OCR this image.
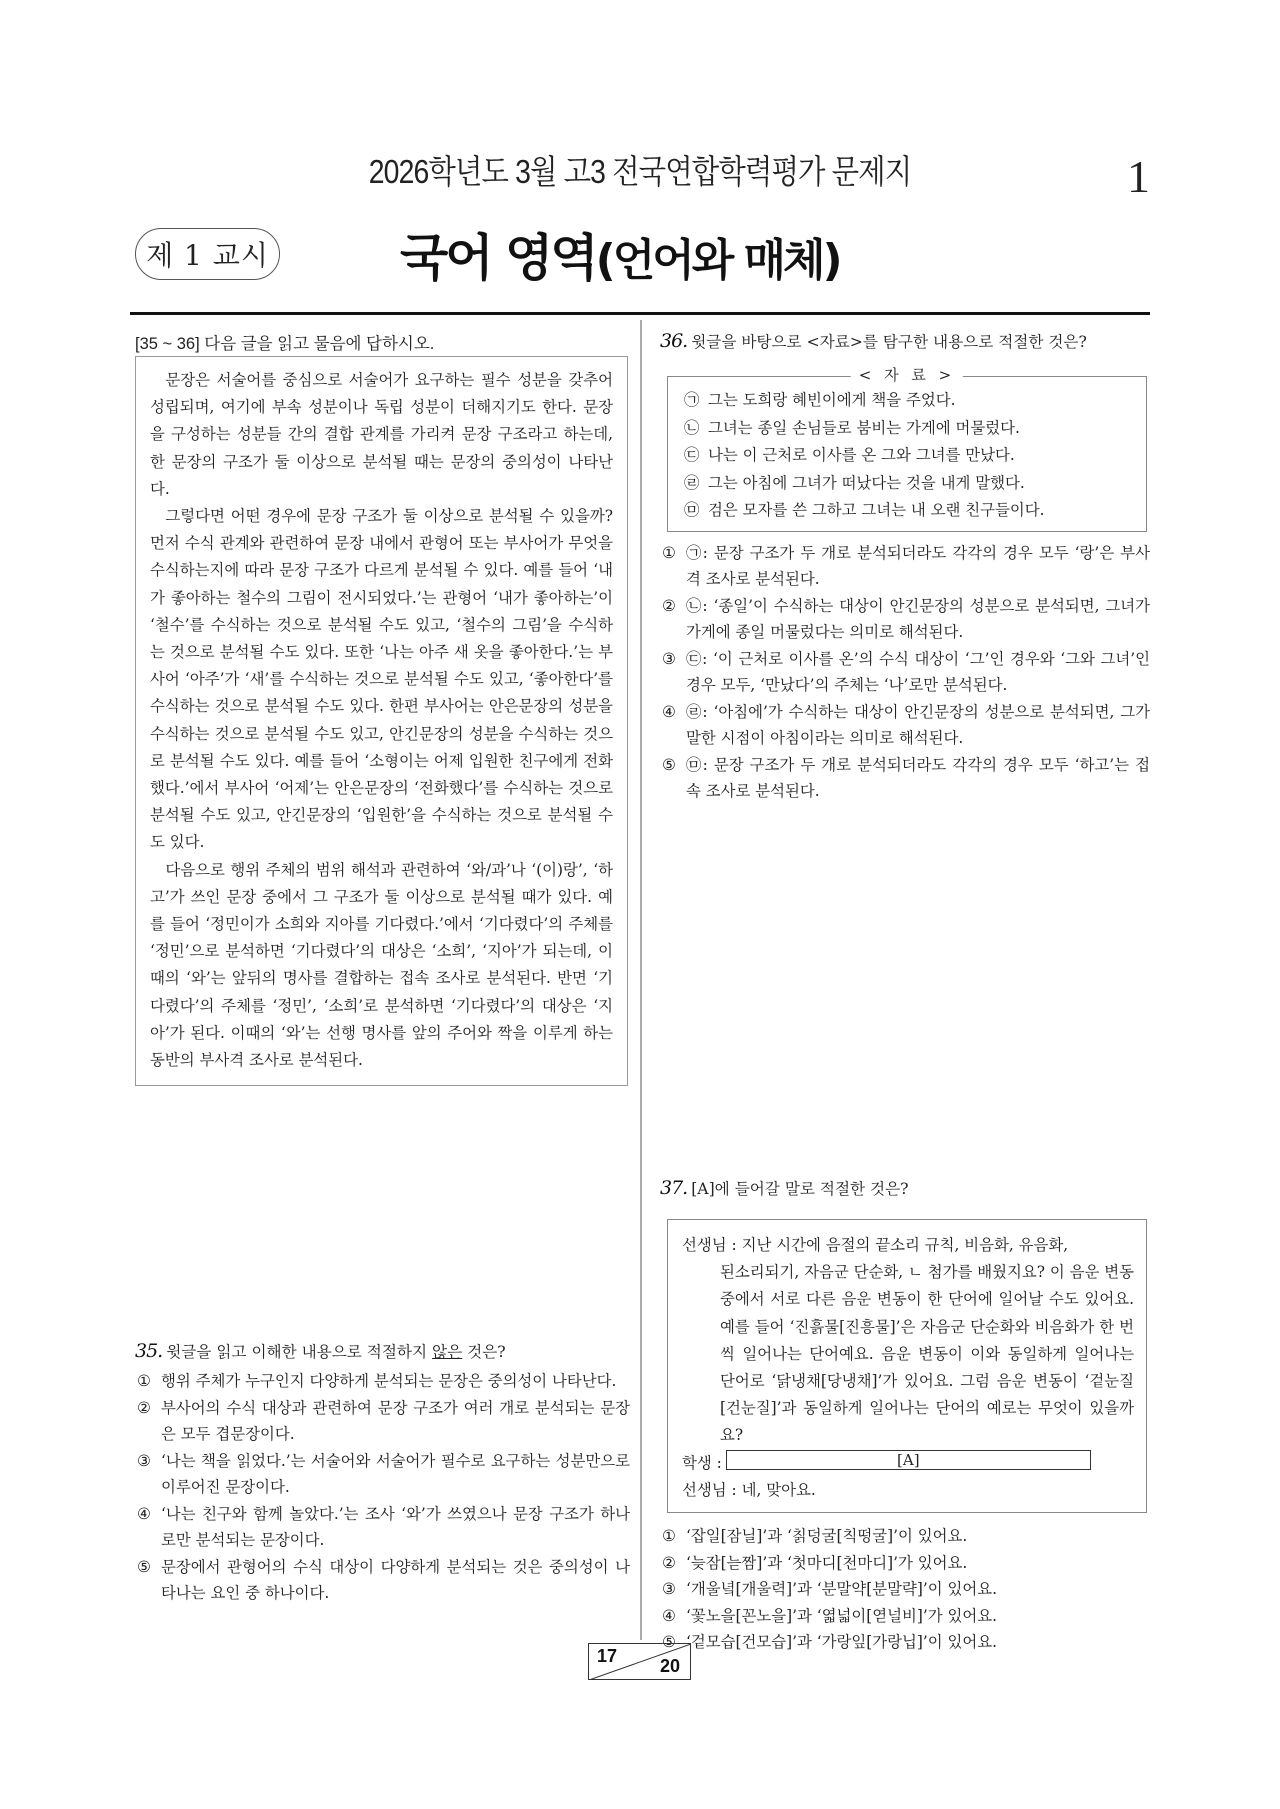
2026학년도 3월 고3 전국연합학력평가 문제지	1
제 1 교시	국어 영역(언어와 매체)
[35 ~ 36] 다음 글을 읽고 물음에 답하시오.

문장은 서술어를 중심으로 서술어가 요구하는 필수 성분을 갖추어 성립되며, 여기에 부속 성분이나 독립 성분이 더해지기도 한다. 문장을 구성하는 성분들 간의 결합 관계를 가리켜 문장 구조라고 하는데, 한 문장의 구조가 둘 이상으로 분석될 때는 문장의 중의성이 나타난다.

그렇다면 어떤 경우에 문장 구조가 둘 이상으로 분석될 수 있을까? 먼저 수식 관계와 관련하여 문장 내에서 관형어 또는 부사어가 무엇을 수식하는지에 따라 문장 구조가 다르게 분석될 수 있다. 예를 들어 ‘내가 좋아하는 철수의 그림이 전시되었다.’는 관형어 ‘내가 좋아하는’이 ‘철수’를 수식하는 것으로 분석될 수도 있고, ‘철수의 그림’을 수식하는 것으로 분석될 수도 있다. 또한 ‘나는 아주 새 옷을 좋아한다.’는 부사어 ‘아주’가 ‘새’를 수식하는 것으로 분석될 수도 있고, ‘좋아한다’를 수식하는 것으로 분석될 수도 있다. 한편 부사어는 안은문장의 성분을 수식하는 것으로 분석될 수도 있고, 안긴문장의 성분을 수식하는 것으로 분석될 수도 있다. 예를 들어 ‘소형이는 어제 입원한 친구에게 전화했다.’에서 부사어 ‘어제’는 안은문장의 ‘전화했다’를 수식하는 것으로 분석될 수도 있고, 안긴문장의 ‘입원한’을 수식하는 것으로 분석될 수도 있다.

다음으로 행위 주체의 범위 해석과 관련하여 ‘와/과’나 ‘(이)랑’, ‘하고’가 쓰인 문장 중에서 그 구조가 둘 이상으로 분석될 때가 있다. 예를 들어 ‘정민이가 소희와 지아를 기다렸다.’에서 ‘기다렸다’의 주체를 ‘정민’으로 분석하면 ‘기다렸다’의 대상은 ‘소희’, ‘지아’가 되는데, 이때의 ‘와’는 앞뒤의 명사를 결합하는 접속 조사로 분석된다. 반면 ‘기다렸다’의 주체를 ‘정민’, ‘소희’로 분석하면 ‘기다렸다’의 대상은 ‘지아’가 된다. 이때의 ‘와’는 선행 명사를 앞의 주어와 짝을 이루게 하는 동반의 부사격 조사로 분석된다.

35. 윗글을 읽고 이해한 내용으로 적절하지 않은 것은?
① 행위 주체가 누구인지 다양하게 분석되는 문장은 중의성이 나타난다.
② 부사어의 수식 대상과 관련하여 문장 구조가 여러 개로 분석되는 문장은 모두 겹문장이다.
③ ‘나는 책을 읽었다.’는 서술어와 서술어가 필수로 요구하는 성분만으로 이루어진 문장이다.
④ ‘나는 친구와 함께 놀았다.’는 조사 ‘와’가 쓰였으나 문장 구조가 하나로만 분석되는 문장이다.
⑤ 문장에서 관형어의 수식 대상이 다양하게 분석되는 것은 중의성이 나타나는 요인 중 하나이다.
36. 윗글을 바탕으로 <자료>를 탐구한 내용으로 적절한 것은?
< 자 료 >
㉠ 그는 도희랑 혜빈이에게 책을 주었다.
㉡ 그녀는 종일 손님들로 붐비는 가게에 머물렀다.
㉢ 나는 이 근처로 이사를 온 그와 그녀를 만났다.
㉣ 그는 아침에 그녀가 떠났다는 것을 내게 말했다.
㉤ 검은 모자를 쓴 그하고 그녀는 내 오랜 친구들이다.
① ㉠: 문장 구조가 두 개로 분석되더라도 각각의 경우 모두 ‘랑’은 부사격 조사로 분석된다.
② ㉡: ‘종일’이 수식하는 대상이 안긴문장의 성분으로 분석되면, 그녀가 가게에 종일 머물렀다는 의미로 해석된다.
③ ㉢: ‘이 근처로 이사를 온’의 수식 대상이 ‘그’인 경우와 ‘그와 그녀’인 경우 모두, ‘만났다’의 주체는 ‘나’로만 분석된다.
④ ㉣: ‘아침에’가 수식하는 대상이 안긴문장의 성분으로 분석되면, 그가 말한 시점이 아침이라는 의미로 해석된다.
⑤ ㉤: 문장 구조가 두 개로 분석되더라도 각각의 경우 모두 ‘하고’는 접속 조사로 분석된다.
37. [A]에 들어갈 말로 적절한 것은?
선생님 :
지난 시간에 음절의 끝소리 규칙, 비음화, 유음화,
된소리되기, 자음군 단순화, ㄴ 첨가를 배웠지요? 이 음운 변동 중에서 서로 다른 음운 변동이 한 단어에 일어날 수도 있어요. 예를 들어 ‘진흙물[진흥물]’은 자음군 단순화와 비음화가 한 번씩 일어나는 단어예요. 음운 변동이 이와 동일하게 일어나는 단어로 ‘닭냉채[당냉채]’가 있어요. 그럼 음운 변동이 ‘겉눈질[건눈질]’과 동일하게 일어나는 단어의 예로는 무엇이 있을까요?
학생 :	[A]
선생님 :
네, 맞아요.
① ‘잡일[잠닐]’과 ‘칡덩굴[칙떵굴]’이 있어요.
② ‘늦잠[늗짬]’과 ‘첫마디[천마디]’가 있어요.
③ ‘개울녘[개울력]’과 ‘분말약[분말략]’이 있어요.
④ ‘꽃노을[꼰노을]’과 ‘엷넓이[엳널비]’가 있어요.
⑤ ‘겉모습[건모습]’과 ‘가랑잎[가랑닙]’이 있어요.
17 20
